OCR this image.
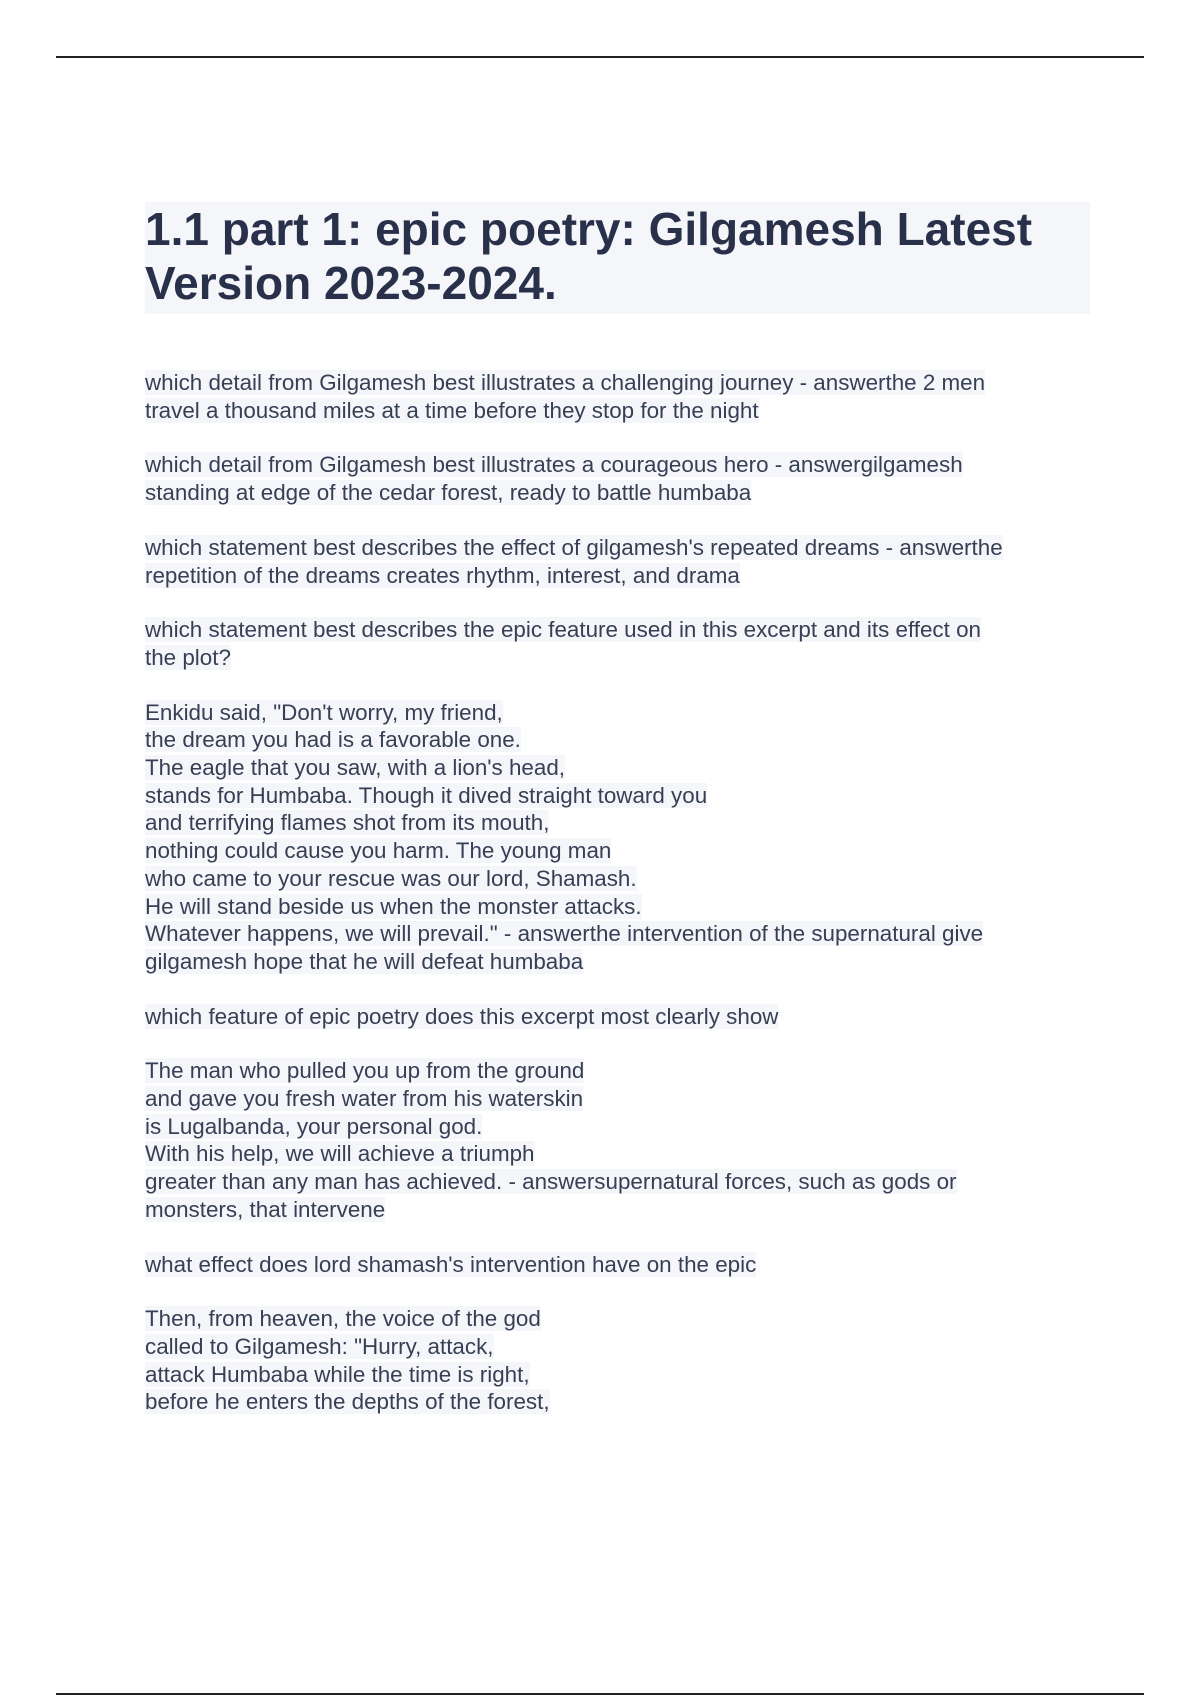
1.1 part 1: epic poetry: Gilgamesh Latest
Version 2023-2024.
which detail from Gilgamesh best illustrates a challenging journey - answerthe 2 men
travel a thousand miles at a time before they stop for the night
which detail from Gilgamesh best illustrates a courageous hero - answergilgamesh
standing at edge of the cedar forest, ready to battle humbaba
which statement best describes the effect of gilgamesh's repeated dreams - answerthe
repetition of the dreams creates rhythm, interest, and drama
which statement best describes the epic feature used in this excerpt and its effect on
the plot?
Enkidu said, "Don't worry, my friend,
the dream you had is a favorable one.
The eagle that you saw, with a lion's head,
stands for Humbaba. Though it dived straight toward you
and terrifying flames shot from its mouth,
nothing could cause you harm. The young man
who came to your rescue was our lord, Shamash.
He will stand beside us when the monster attacks.
Whatever happens, we will prevail." - answerthe intervention of the supernatural give
gilgamesh hope that he will defeat humbaba
which feature of epic poetry does this excerpt most clearly show
The man who pulled you up from the ground
and gave you fresh water from his waterskin
is Lugalbanda, your personal god.
With his help, we will achieve a triumph
greater than any man has achieved. - answersupernatural forces, such as gods or
monsters, that intervene
what effect does lord shamash's intervention have on the epic
Then, from heaven, the voice of the god
called to Gilgamesh: "Hurry, attack,
attack Humbaba while the time is right,
before he enters the depths of the forest,
